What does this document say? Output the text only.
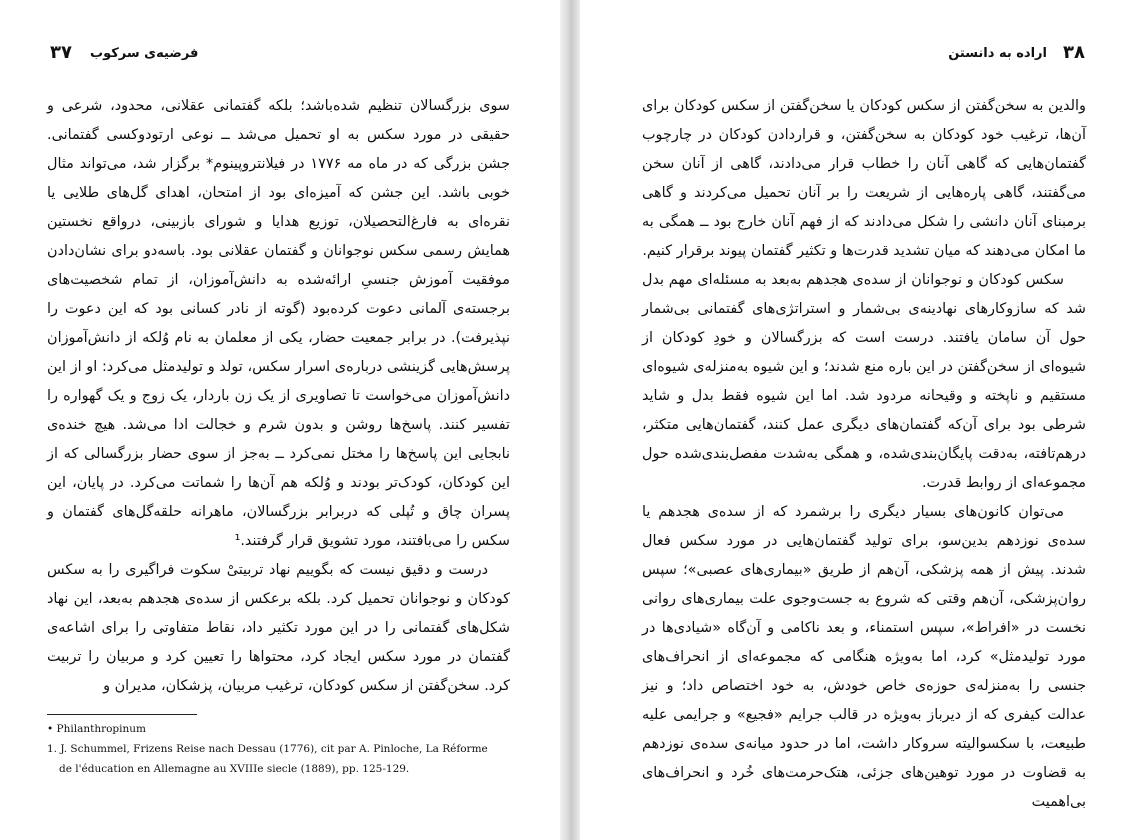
۳۷ فرضیه‌ی سرکوب

سوی بزرگسالان تنظیم شده‌باشد؛ بلکه گفتمانی عقلانی، محدود، شرعی و حقیقی در مورد سکس به او تحمیل می‌شد ــ نوعی ارتودوکسی گفتمانی. جشن بزرگی که در ماه مه ۱۷۷۶ در فیلانتروپینوم* برگزار شد، می‌تواند مثال خوبی باشد. این جشن که آمیزه‌ای بود از امتحان، اهدای گل‌های طلایی یا نقره‌ای به فارغ‌التحصیلان، توزیع هدایا و شورای بازبینی، درواقع نخستین همایش رسمی سکس نوجوانان و گفتمان عقلانی بود. باسه‌دو برای نشان‌دادن موفقیت آموزش جنسیِ ارائه‌شده به دانش‌آموزان، از تمام شخصیت‌های برجسته‌ی آلمانی دعوت کرده‌بود (گوته از نادر کسانی بود که این دعوت را نپذیرفت). در برابر جمعیت حضار، یکی از معلمان به نام وُلکه از دانش‌آموزان پرسش‌هایی گزینشی درباره‌ی اسرار سکس، تولد و تولیدمثل می‌کرد: او از این دانش‌آموزان می‌خواست تا تصاویری از یک زن باردار، یک زوج و یک گهواره را تفسیر کنند. پاسخ‌ها روشن و بدون شرم و خجالت ادا می‌شد. هیچ خنده‌ی نابجایی این پاسخ‌ها را مختل نمی‌کرد ــ به‌جز از سوی حضار بزرگسالی که از این کودکان، کودک‌تر بودند و وُلکه هم آن‌ها را شماتت می‌کرد. در پایان، این پسران چاق و تُپلی که دربرابر بزرگسالان، ماهرانه حلقه‌گل‌های گفتمان و سکس را می‌بافتند، مورد تشویق قرار گرفتند.¹

درست و دقیق نیست که بگوییم نهاد تربیتیْ سکوت فراگیری را به سکس کودکان و نوجوانان تحمیل کرد. بلکه برعکس از سده‌ی هجدهم به‌بعد، این نهاد شکل‌های گفتمانی را در این مورد تکثیر داد، نقاط متفاوتی را برای اشاعه‌ی گفتمان در مورد سکس ایجاد کرد، محتواها را تعیین کرد و مربیان را تربیت کرد. سخن‌گفتن از سکس کودکان، ترغیب مربیان، پزشکان، مدیران و

• Philanthropinum

1. J. Schummel, Frizens Reise nach Dessau (1776), cit par A. Pinloche, La Réforme

de l'éducation en Allemagne au XVIIIe siecle (1889), pp. 125-129.

۳۸
اراده به دانستن

والدین به سخن‌گفتن از سکس کودکان یا سخن‌گفتن از سکس کودکان برای آن‌ها، ترغیب خود کودکان به سخن‌گفتن، و قراردادن کودکان در چارچوب گفتمان‌هایی که گاهی آنان را خطاب قرار می‌دادند، گاهی از آنان سخن می‌گفتند، گاهی پاره‌هایی از شریعت را بر آنان تحمیل می‌کردند و گاهی برمبنای آنان دانشی را شکل می‌دادند که از فهم آنان خارج بود ــ همگی به ما امکان می‌دهند که میان تشدید قدرت‌ها و تکثیر گفتمان پیوند برقرار کنیم.

سکس کودکان و نوجوانان از سده‌ی هجدهم به‌بعد به مسئله‌ای مهم بدل شد که سازوکارهای نهادینه‌ی بی‌شمار و استراتژی‌های گفتمانی بی‌شمار حول آن سامان یافتند. درست است که بزرگسالان و خودِ کودکان از شیوه‌ای از سخن‌گفتن در این باره منع شدند؛ و این شیوه به‌منزله‌ی شیوه‌ای مستقیم و ناپخته و وقیحانه مردود شد. اما این شیوه فقط بدل و شاید شرطی بود برای آن‌که گفتمان‌های دیگری عمل کنند، گفتمان‌هایی متکثر، درهم‌تافته، به‌دقت پایگان‌بندی‌شده، و همگی به‌شدت مفصل‌بندی‌شده حول مجموعه‌ای از روابط قدرت.

می‌توان کانون‌های بسیار دیگری را برشمرد که از سده‌ی هجدهم یا سده‌ی نوزدهم بدین‌سو، برای تولید گفتمان‌هایی در مورد سکس فعال شدند. پیش از همه پزشکی، آن‌هم از طریق «بیماری‌های عصبی»؛ سپس روان‌پزشکی، آن‌هم وقتی که شروع به جست‌وجوی علت بیماری‌های روانی نخست در «افراط»، سپس استمناء، و بعد ناکامی و آن‌گاه «شیادی‌ها در مورد تولیدمثل» کرد، اما به‌ویژه هنگامی که مجموعه‌ای از انحراف‌های جنسی را به‌منزله‌ی حوزه‌ی خاص خودش، به خود اختصاص داد؛ و نیز عدالت کیفری که از دیرباز به‌ویژه در قالب جرایم «فجیع» و جرایمی علیه طبیعت، با سکسوالیته سروکار داشت، اما در حدود میانه‌ی سده‌ی نوزدهم به قضاوت در مورد توهین‌های جزئی، هتک‌حرمت‌های خُرد و انحراف‌های بی‌اهمیت
